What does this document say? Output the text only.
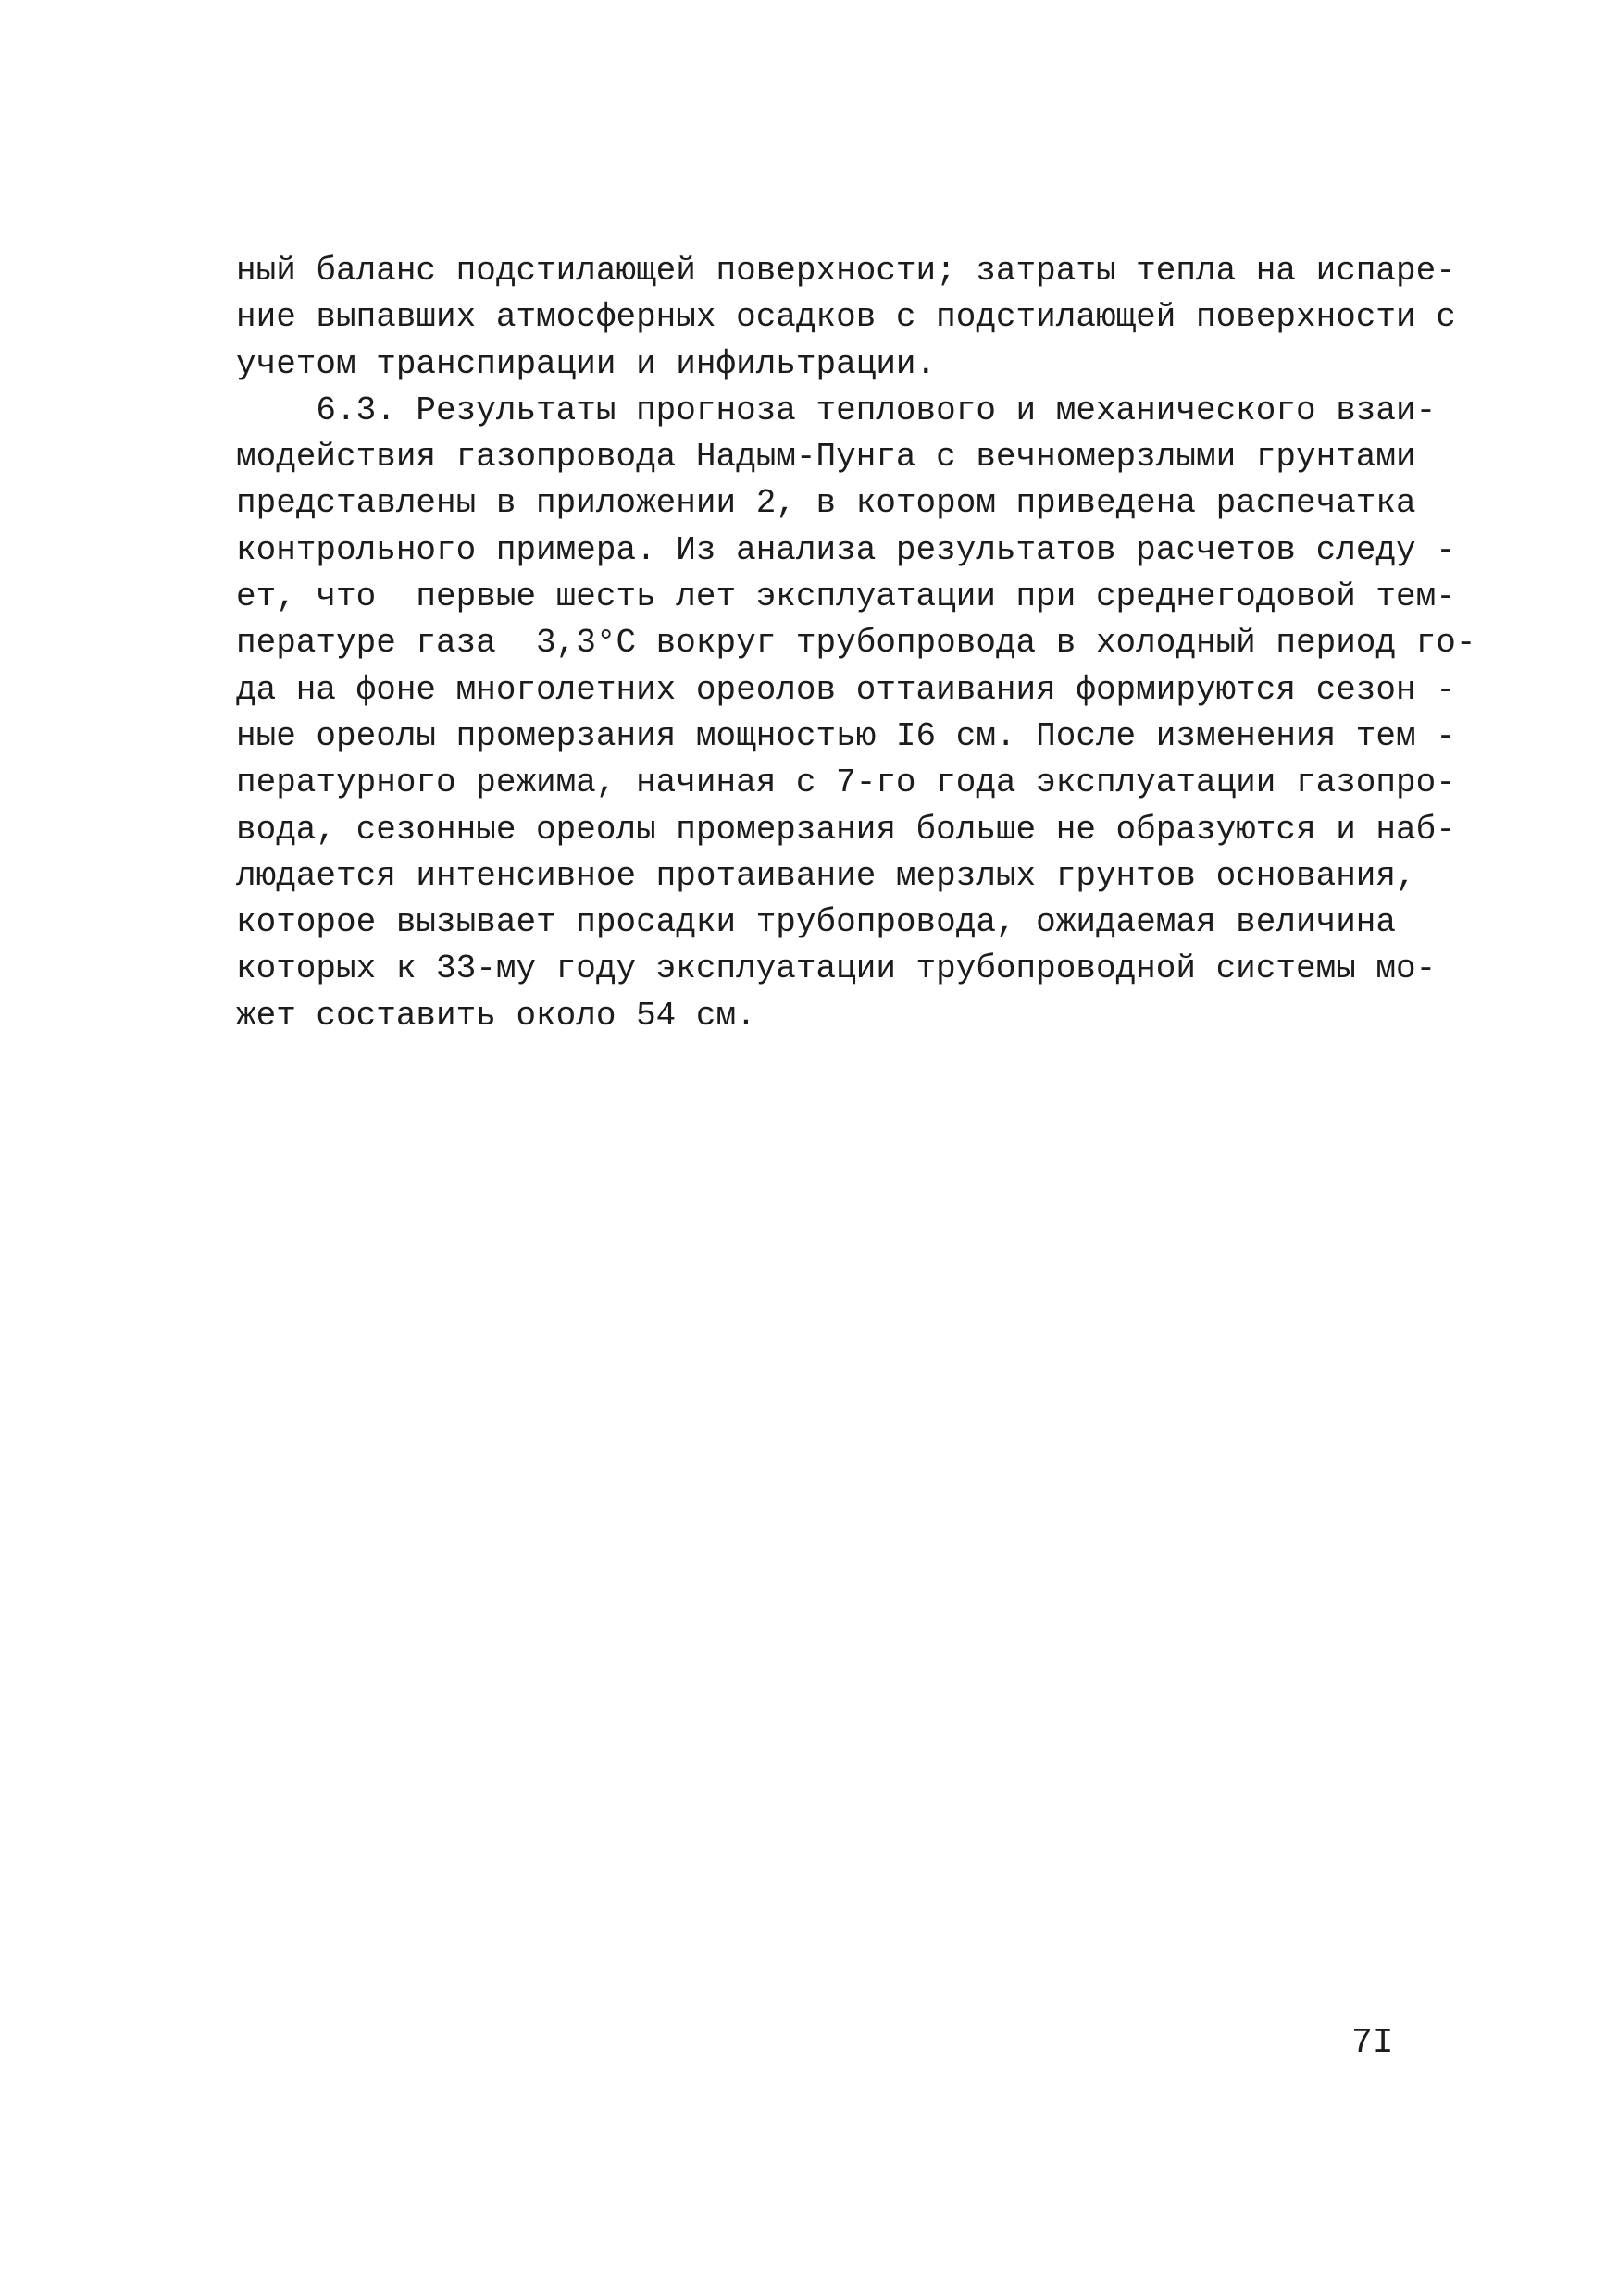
ный баланс подстилающей поверхности; затраты тепла на испаре-
ние выпавших атмосферных осадков с подстилающей поверхности с
учетом транспирации и инфильтрации.
6.3. Результаты прогноза теплового и механического взаи-
модействия газопровода Надым-Пунга с вечномерзлыми грунтами
представлены в приложении 2, в котором приведена распечатка
контрольного примера. Из анализа результатов расчетов следу -
ет, что  первые шесть лет эксплуатации при среднегодовой тем-
пературе газа  3,3°С вокруг трубопровода в холодный период го-
да на фоне многолетних ореолов оттаивания формируются сезон -
ные ореолы промерзания мощностью I6 см. После изменения тем -
пературного режима, начиная с 7-го года эксплуатации газопро-
вода, сезонные ореолы промерзания больше не образуются и наб-
людается интенсивное протаивание мерзлых грунтов основания,
которое вызывает просадки трубопровода, ожидаемая величина
которых к 33-му году эксплуатации трубопроводной системы мо-
жет составить около 54 см.
7I
